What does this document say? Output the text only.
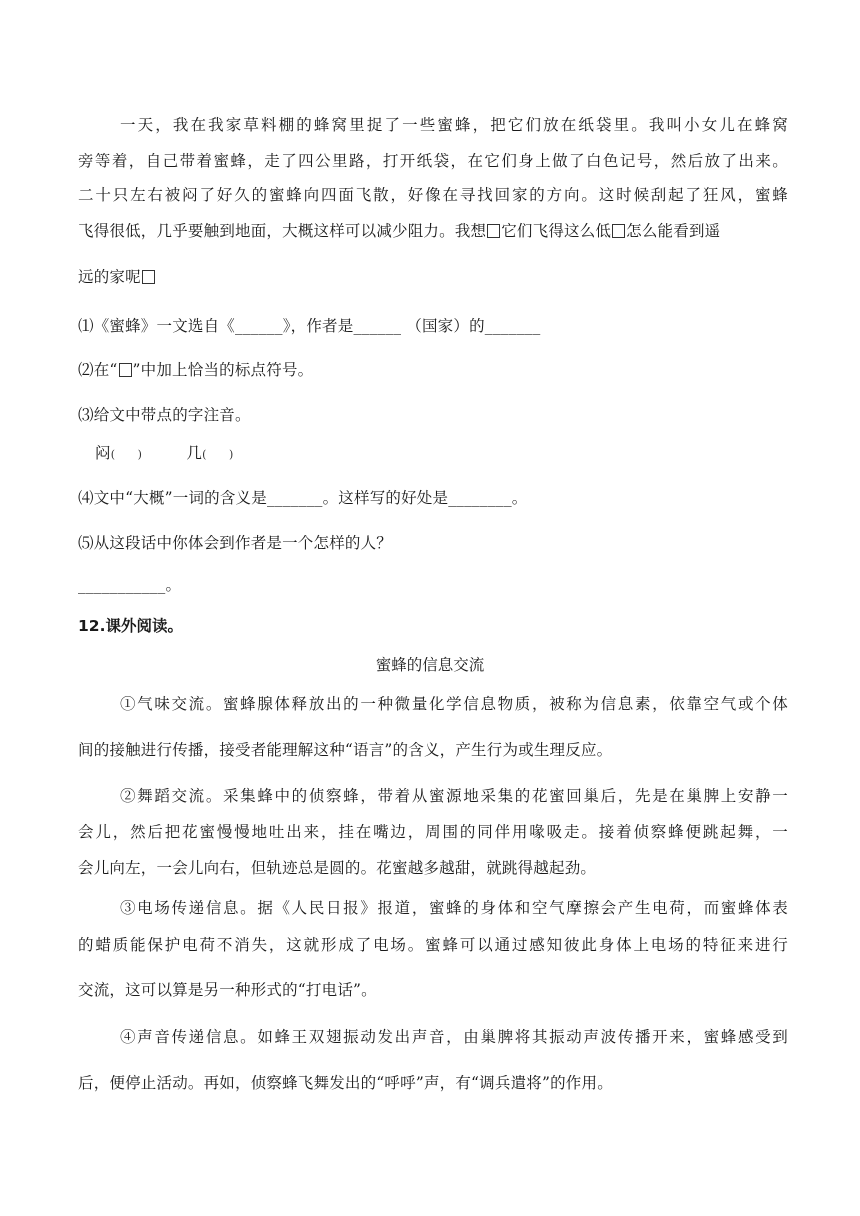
一天，我在我家草料棚的蜂窝里捉了一些蜜蜂，把它们放在纸袋里。我叫小女儿在蜂窝
旁等着，自己带着蜜蜂，走了四公里路，打开纸袋，在它们身上做了白色记号，然后放了出来。
二十只左右被闷了好久的蜜蜂向四面飞散，好像在寻找回家的方向。这时候刮起了狂风，蜜蜂
飞得很低，几乎要触到地面，大概这样可以减少阻力。我想 它们飞得这么低 怎么能看到遥
远的家呢
⑴《蜜蜂》一文选自《______》，作者是______ （国家）的_______
⑵在“ ”中加上恰当的标点符号。
⑶给文中带点的字注音。
闷(　　)	几(　　)
⑷文中“大概”一词的含义是_______。这样写的好处是________。
⑸从这段话中你体会到作者是一个怎样的人？
___________。
12.课外阅读。
蜜蜂的信息交流
①气味交流。蜜蜂腺体释放出的一种微量化学信息物质，被称为信息素，依靠空气或个体
间的接触进行传播，接受者能理解这种“语言”的含义，产生行为或生理反应。
②舞蹈交流。采集蜂中的侦察蜂，带着从蜜源地采集的花蜜回巢后，先是在巢脾上安静一
会儿，然后把花蜜慢慢地吐出来，挂在嘴边，周围的同伴用喙吸走。接着侦察蜂便跳起舞，一
会儿向左，一会儿向右，但轨迹总是圆的。花蜜越多越甜，就跳得越起劲。
③电场传递信息。据《人民日报》报道，蜜蜂的身体和空气摩擦会产生电荷，而蜜蜂体表
的蜡质能保护电荷不消失，这就形成了电场。蜜蜂可以通过感知彼此身体上电场的特征来进行
交流，这可以算是另一种形式的“打电话”。
④声音传递信息。如蜂王双翅振动发出声音，由巢脾将其振动声波传播开来，蜜蜂感受到
后，便停止活动。再如，侦察蜂飞舞发出的“呼呼”声，有“调兵遣将”的作用。
